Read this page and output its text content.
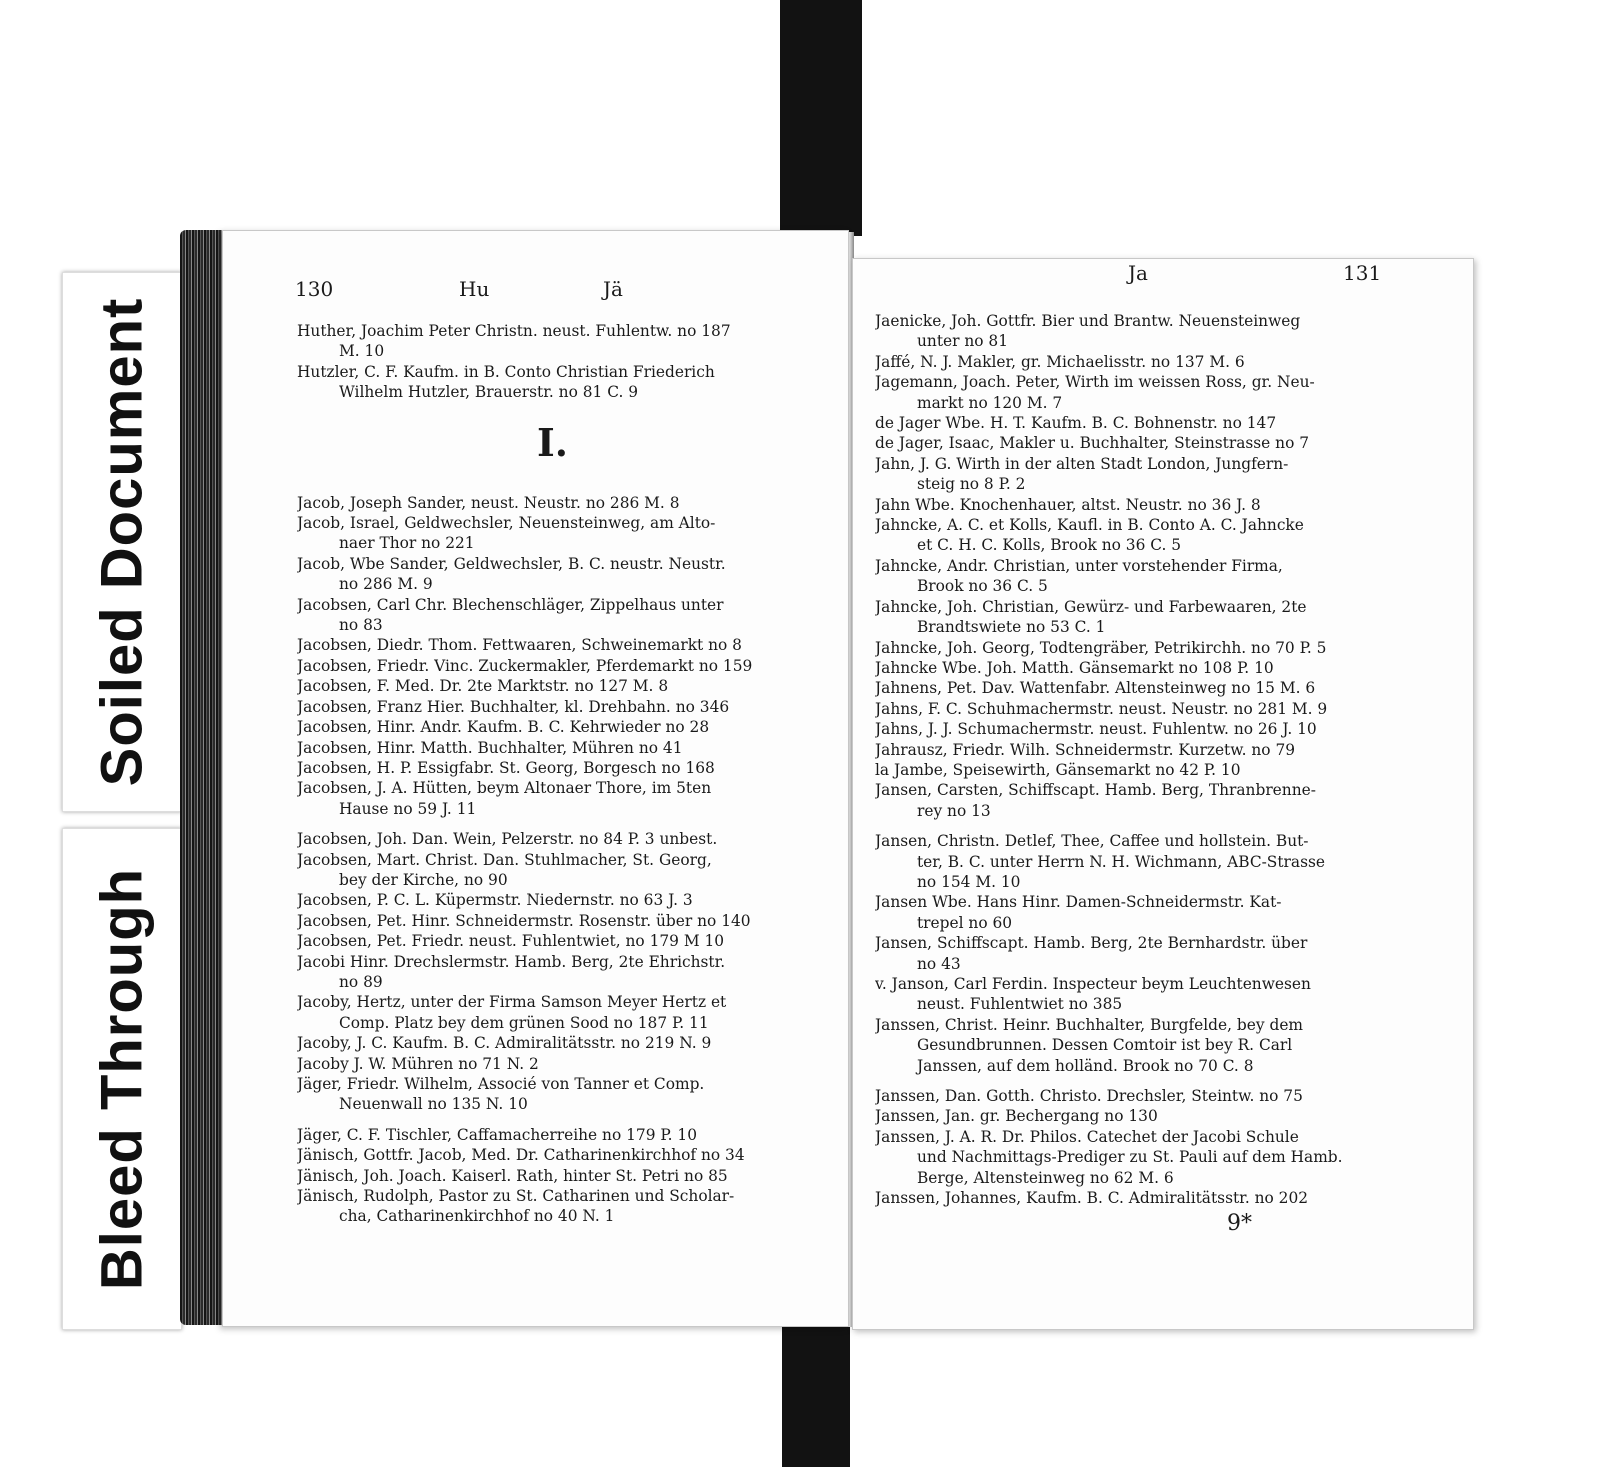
Soiled Document
Bleed Through
130	Hu	Jä
Huther, Joachim Peter Christn. neust. Fuhlentw. no 187
M. 10
Hutzler, C. F. Kaufm. in B. Conto Christian Friederich
Wilhelm Hutzler, Brauerstr. no 81 C. 9
I.
Jacob, Joseph Sander, neust. Neustr. no 286 M. 8
Jacob, Israel, Geldwechsler, Neuensteinweg, am Alto-
naer Thor no 221
Jacob, Wbe Sander, Geldwechsler, B. C. neustr. Neustr.
no 286 M. 9
Jacobsen, Carl Chr. Blechenschläger, Zippelhaus unter
no 83
Jacobsen, Diedr. Thom. Fettwaaren, Schweinemarkt no 8
Jacobsen, Friedr. Vinc. Zuckermakler, Pferdemarkt no 159
Jacobsen, F. Med. Dr. 2te Marktstr. no 127 M. 8
Jacobsen, Franz Hier. Buchhalter, kl. Drehbahn. no 346
Jacobsen, Hinr. Andr. Kaufm. B. C. Kehrwieder no 28
Jacobsen, Hinr. Matth. Buchhalter, Mühren no 41
Jacobsen, H. P. Essigfabr. St. Georg, Borgesch no 168
Jacobsen, J. A. Hütten, beym Altonaer Thore, im 5ten
Hause no 59 J. 11
Jacobsen, Joh. Dan. Wein, Pelzerstr. no 84 P. 3 unbest.
Jacobsen, Mart. Christ. Dan. Stuhlmacher, St. Georg,
bey der Kirche, no 90
Jacobsen, P. C. L. Küpermstr. Niedernstr. no 63 J. 3
Jacobsen, Pet. Hinr. Schneidermstr. Rosenstr. über no 140
Jacobsen, Pet. Friedr. neust. Fuhlentwiet, no 179 M 10
Jacobi Hinr. Drechslermstr. Hamb. Berg, 2te Ehrichstr.
no 89
Jacoby, Hertz, unter der Firma Samson Meyer Hertz et
Comp. Platz bey dem grünen Sood no 187 P. 11
Jacoby, J. C. Kaufm. B. C. Admiralitätsstr. no 219 N. 9
Jacoby J. W. Mühren no 71 N. 2
Jäger, Friedr. Wilhelm, Associé von Tanner et Comp.
Neuenwall no 135 N. 10
Jäger, C. F. Tischler, Caffamacherreihe no 179 P. 10
Jänisch, Gottfr. Jacob, Med. Dr. Catharinenkirchhof no 34
Jänisch, Joh. Joach. Kaiserl. Rath, hinter St. Petri no 85
Jänisch, Rudolph, Pastor zu St. Catharinen und Scholar-
cha, Catharinenkirchhof no 40 N. 1
Ja	131
Jaenicke, Joh. Gottfr. Bier und Brantw. Neuensteinweg
unter no 81
Jaffé, N. J. Makler, gr. Michaelisstr. no 137 M. 6
Jagemann, Joach. Peter, Wirth im weissen Ross, gr. Neu-
markt no 120 M. 7
de Jager Wbe. H. T. Kaufm. B. C. Bohnenstr. no 147
de Jager, Isaac, Makler u. Buchhalter, Steinstrasse no 7
Jahn, J. G. Wirth in der alten Stadt London, Jungfern-
steig no 8 P. 2
Jahn Wbe. Knochenhauer, altst. Neustr. no 36 J. 8
Jahncke, A. C. et Kolls, Kaufl. in B. Conto A. C. Jahncke
et C. H. C. Kolls, Brook no 36 C. 5
Jahncke, Andr. Christian, unter vorstehender Firma,
Brook no 36 C. 5
Jahncke, Joh. Christian, Gewürz- und Farbewaaren, 2te
Brandtswiete no 53 C. 1
Jahncke, Joh. Georg, Todtengräber, Petrikirchh. no 70 P. 5
Jahncke Wbe. Joh. Matth. Gänsemarkt no 108 P. 10
Jahnens, Pet. Dav. Wattenfabr. Altensteinweg no 15 M. 6
Jahns, F. C. Schuhmachermstr. neust. Neustr. no 281 M. 9
Jahns, J. J. Schumachermstr. neust. Fuhlentw. no 26 J. 10
Jahrausz, Friedr. Wilh. Schneidermstr. Kurzetw. no 79
la Jambe, Speisewirth, Gänsemarkt no 42 P. 10
Jansen, Carsten, Schiffscapt. Hamb. Berg, Thranbrenne-
rey no 13
Jansen, Christn. Detlef, Thee, Caffee und hollstein. But-
ter, B. C. unter Herrn N. H. Wichmann, ABC-Strasse
no 154 M. 10
Jansen Wbe. Hans Hinr. Damen-Schneidermstr. Kat-
trepel no 60
Jansen, Schiffscapt. Hamb. Berg, 2te Bernhardstr. über
no 43
v. Janson, Carl Ferdin. Inspecteur beym Leuchtenwesen
neust. Fuhlentwiet no 385
Janssen, Christ. Heinr. Buchhalter, Burgfelde, bey dem
Gesundbrunnen. Dessen Comtoir ist bey R. Carl
Janssen, auf dem holländ. Brook no 70 C. 8
Janssen, Dan. Gotth. Christo. Drechsler, Steintw. no 75
Janssen, Jan. gr. Bechergang no 130
Janssen, J. A. R. Dr. Philos. Catechet der Jacobi Schule
und Nachmittags-Prediger zu St. Pauli auf dem Hamb.
Berge, Altensteinweg no 62 M. 6
Janssen, Johannes, Kaufm. B. C. Admiralitätsstr. no 202
9*
